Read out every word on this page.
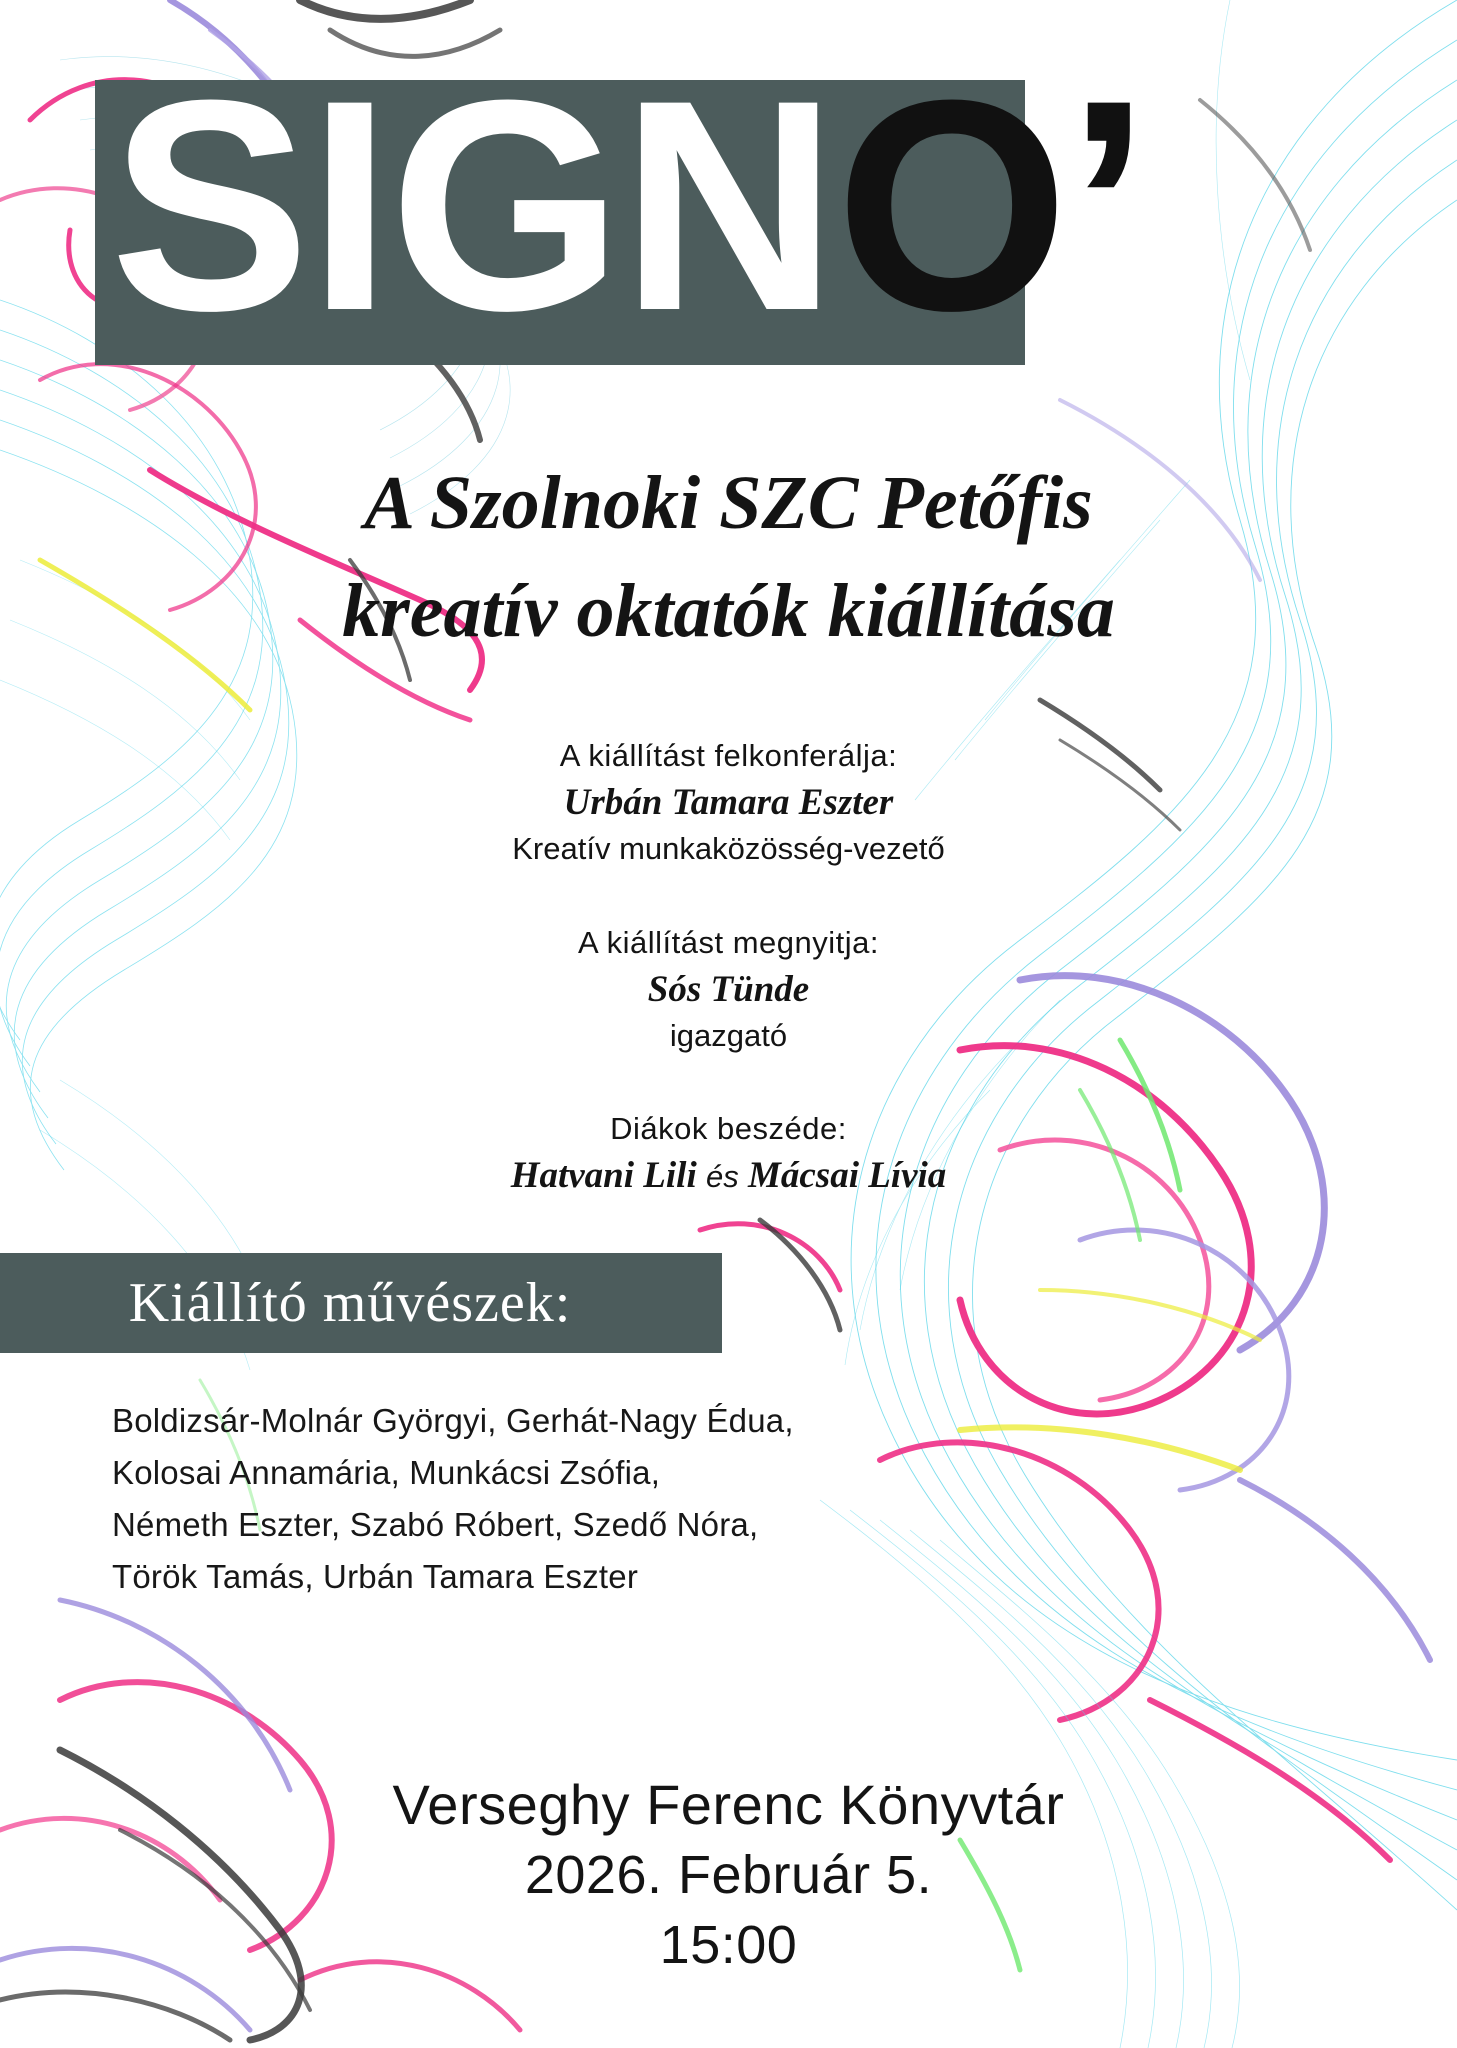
SIGNO’
A Szolnoki SZC Petőfis
kreatív oktatók kiállítása
A kiállítást felkonferálja:
Urbán Tamara Eszter
Kreatív munkaközösség-vezető
A kiállítást megnyitja:
Sós Tünde
igazgató
Diákok beszéde:
Hatvani Lili és Mácsai Lívia
Kiállító művészek:
Boldizsár-Molnár Györgyi, Gerhát-Nagy Édua,
Kolosai Annamária, Munkácsi Zsófia,
Németh Eszter, Szabó Róbert, Szedő Nóra,
Török Tamás, Urbán Tamara Eszter
Verseghy Ferenc Könyvtár
2026. Február 5.
15:00
